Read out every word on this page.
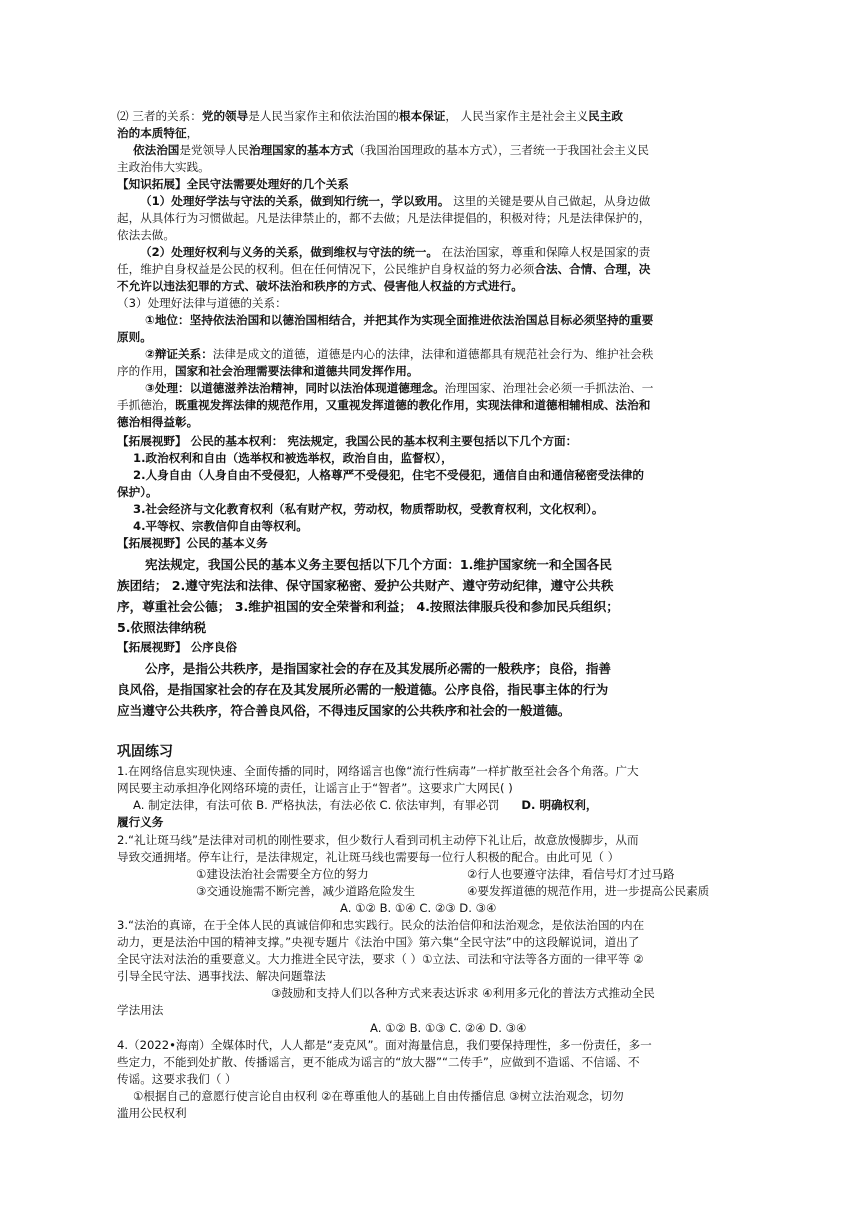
⑵ 三者的关系：党的领导是人民当家作主和依法治国的根本保证， 人民当家作主是社会主义民主政
治的本质特征，
依法治国是党领导人民治理国家的基本方式（我国治国理政的基本方式），三者统一于我国社会主义民
主政治伟大实践。
【知识拓展】全民守法需要处理好的几个关系
（1）处理好学法与守法的关系，做到知行统一，学以致用。 这里的关键是要从自己做起，从身边做
起，从具体行为习惯做起。凡是法律禁止的，都不去做；凡是法律提倡的，积极对待；凡是法律保护的，
依法去做。
（2）处理好权利与义务的关系，做到维权与守法的统一。 在法治国家，尊重和保障人权是国家的责
任，维护自身权益是公民的权利。但在任何情况下，公民维护自身权益的努力必须合法、合情、合理，决
不允许以违法犯罪的方式、破坏法治和秩序的方式、侵害他人权益的方式进行。
（3）处理好法律与道德的关系：
①地位：坚持依法治国和以德治国相结合，并把其作为实现全面推进依法治国总目标必须坚持的重要
原则。
②辩证关系：法律是成文的道德，道德是内心的法律，法律和道德都具有规范社会行为、维护社会秩
序的作用，国家和社会治理需要法律和道德共同发挥作用。
③处理：以道德滋养法治精神，同时以法治体现道德理念。治理国家、治理社会必须一手抓法治、一
手抓德治，既重视发挥法律的规范作用，又重视发挥道德的教化作用，实现法律和道德相辅相成、法治和
德治相得益彰。
【拓展视野】 公民的基本权利： 宪法规定，我国公民的基本权利主要包括以下几个方面：
1.政治权利和自由（选举权和被选举权，政治自由，监督权），
2.人身自由（人身自由不受侵犯，人格尊严不受侵犯，住宅不受侵犯，通信自由和通信秘密受法律的
保护）。
3.社会经济与文化教育权利（私有财产权，劳动权，物质帮助权，受教育权利，文化权利）。
4.平等权、宗教信仰自由等权利。
【拓展视野】公民的基本义务
宪法规定，我国公民的基本义务主要包括以下几个方面：1.维护国家统一和全国各民
族团结； 2.遵守宪法和法律、保守国家秘密、爱护公共财产、遵守劳动纪律，遵守公共秩
序，尊重社会公德； 3.维护祖国的安全荣誉和利益； 4.按照法律服兵役和参加民兵组织；
5.依照法律纳税
【拓展视野】 公序良俗
公序，是指公共秩序，是指国家社会的存在及其发展所必需的一般秩序；良俗，指善
良风俗，是指国家社会的存在及其发展所必需的一般道德。公序良俗，指民事主体的行为
应当遵守公共秩序，符合善良风俗，不得违反国家的公共秩序和社会的一般道德。
巩固练习
1.在网络信息实现快速、全面传播的同时，网络谣言也像“流行性病毒”一样扩散至社会各个角落。广大
网民要主动承担净化网络环境的责任，让谣言止于“智者”。这要求广大网民( )
A. 制定法律，有法可依 B. 严格执法，有法必依 C. 依法审判，有罪必罚 D. 明确权利，
履行义务
2.“礼让斑马线”是法律对司机的刚性要求，但少数行人看到司机主动停下礼让后，故意放慢脚步，从而
导致交通拥堵。停车让行，是法律规定，礼让斑马线也需要每一位行人积极的配合。由此可见（ ）
①建设法治社会需要全方位的努力	②行人也要遵守法律，看信号灯才过马路
③交通设施需不断完善，减少道路危险发生	④要发挥道德的规范作用，进一步提高公民素质
A. ①② B. ①④ C. ②③ D. ③④
3.“法治的真谛，在于全体人民的真诚信仰和忠实践行。民众的法治信仰和法治观念，是依法治国的内在
动力，更是法治中国的精神支撑。”央视专题片《法治中国》第六集“全民守法”中的这段解说词，道出了
全民守法对法治的重要意义。大力推进全民守法，要求（ ）①立法、司法和守法等各方面的一律平等 ②
引导全民守法、遇事找法、解决问题靠法
③鼓励和支持人们以各种方式来表达诉求 ④利用多元化的普法方式推动全民
学法用法
A. ①② B. ①③ C. ②④ D. ③④
4.（2022•海南）全媒体时代，人人都是“麦克风”。面对海量信息，我们要保持理性，多一份责任，多一
些定力，不能到处扩散、传播谣言，更不能成为谣言的“放大器”“二传手”，应做到不造谣、不信谣、不
传谣。这要求我们（ ）
①根据自己的意愿行使言论自由权利 ②在尊重他人的基础上自由传播信息 ③树立法治观念，切勿
滥用公民权利
